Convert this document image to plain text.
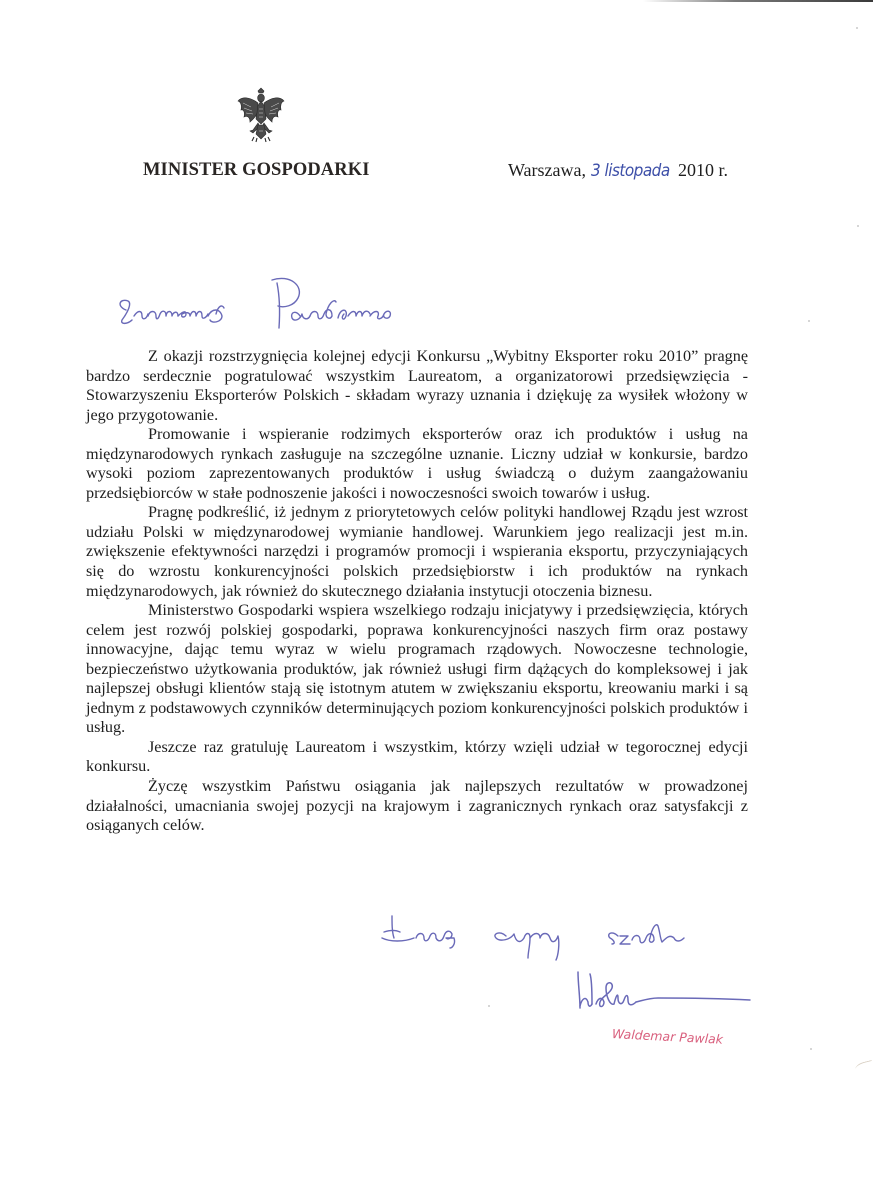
MINISTER GOSPODARKI	Warszawa, 3 listopada 2010 r.

Z okazji rozstrzygnięcia kolejnej edycji Konkursu „Wybitny Eksporter roku 2010” pragnę bardzo serdecznie pogratulować wszystkim Laureatom, a organizatorowi przedsięwzięcia - Stowarzyszeniu Eksporterów Polskich - składam wyrazy uznania i dziękuję za wysiłek włożony w jego przygotowanie.

Promowanie i wspieranie rodzimych eksporterów oraz ich produktów i usług na międzynarodowych rynkach zasługuje na szczególne uznanie. Liczny udział w konkursie, bardzo wysoki poziom zaprezentowanych produktów i usług świadczą o dużym zaangażowaniu przedsiębiorców w stałe podnoszenie jakości i nowoczesności swoich towarów i usług.

Pragnę podkreślić, iż jednym z priorytetowych celów polityki handlowej Rządu jest wzrost udziału Polski w międzynarodowej wymianie handlowej. Warunkiem jego realizacji jest m.in. zwiększenie efektywności narzędzi i programów promocji i wspierania eksportu, przyczyniających się do wzrostu konkurencyjności polskich przedsiębiorstw i ich produktów na rynkach międzynarodowych, jak również do skutecznego działania instytucji otoczenia biznesu.

Ministerstwo Gospodarki wspiera wszelkiego rodzaju inicjatywy i przedsięwzięcia, których celem jest rozwój polskiej gospodarki, poprawa konkurencyjności naszych firm oraz postawy innowacyjne, dając temu wyraz w wielu programach rządowych. Nowoczesne technologie, bezpieczeństwo użytkowania produktów, jak również usługi firm dążących do kompleksowej i jak najlepszej obsługi klientów stają się istotnym atutem w zwiększaniu eksportu, kreowaniu marki i są jednym z podstawowych czynników determinujących poziom konkurencyjności polskich produktów i usług.

Jeszcze raz gratuluję Laureatom i wszystkim, którzy wzięli udział w tegorocznej edycji konkursu.

Życzę wszystkim Państwu osiągania jak najlepszych rezultatów w prowadzonej działalności, umacniania swojej pozycji na krajowym i zagranicznych rynkach oraz satysfakcji z osiąganych celów.

Waldemar Pawlak
